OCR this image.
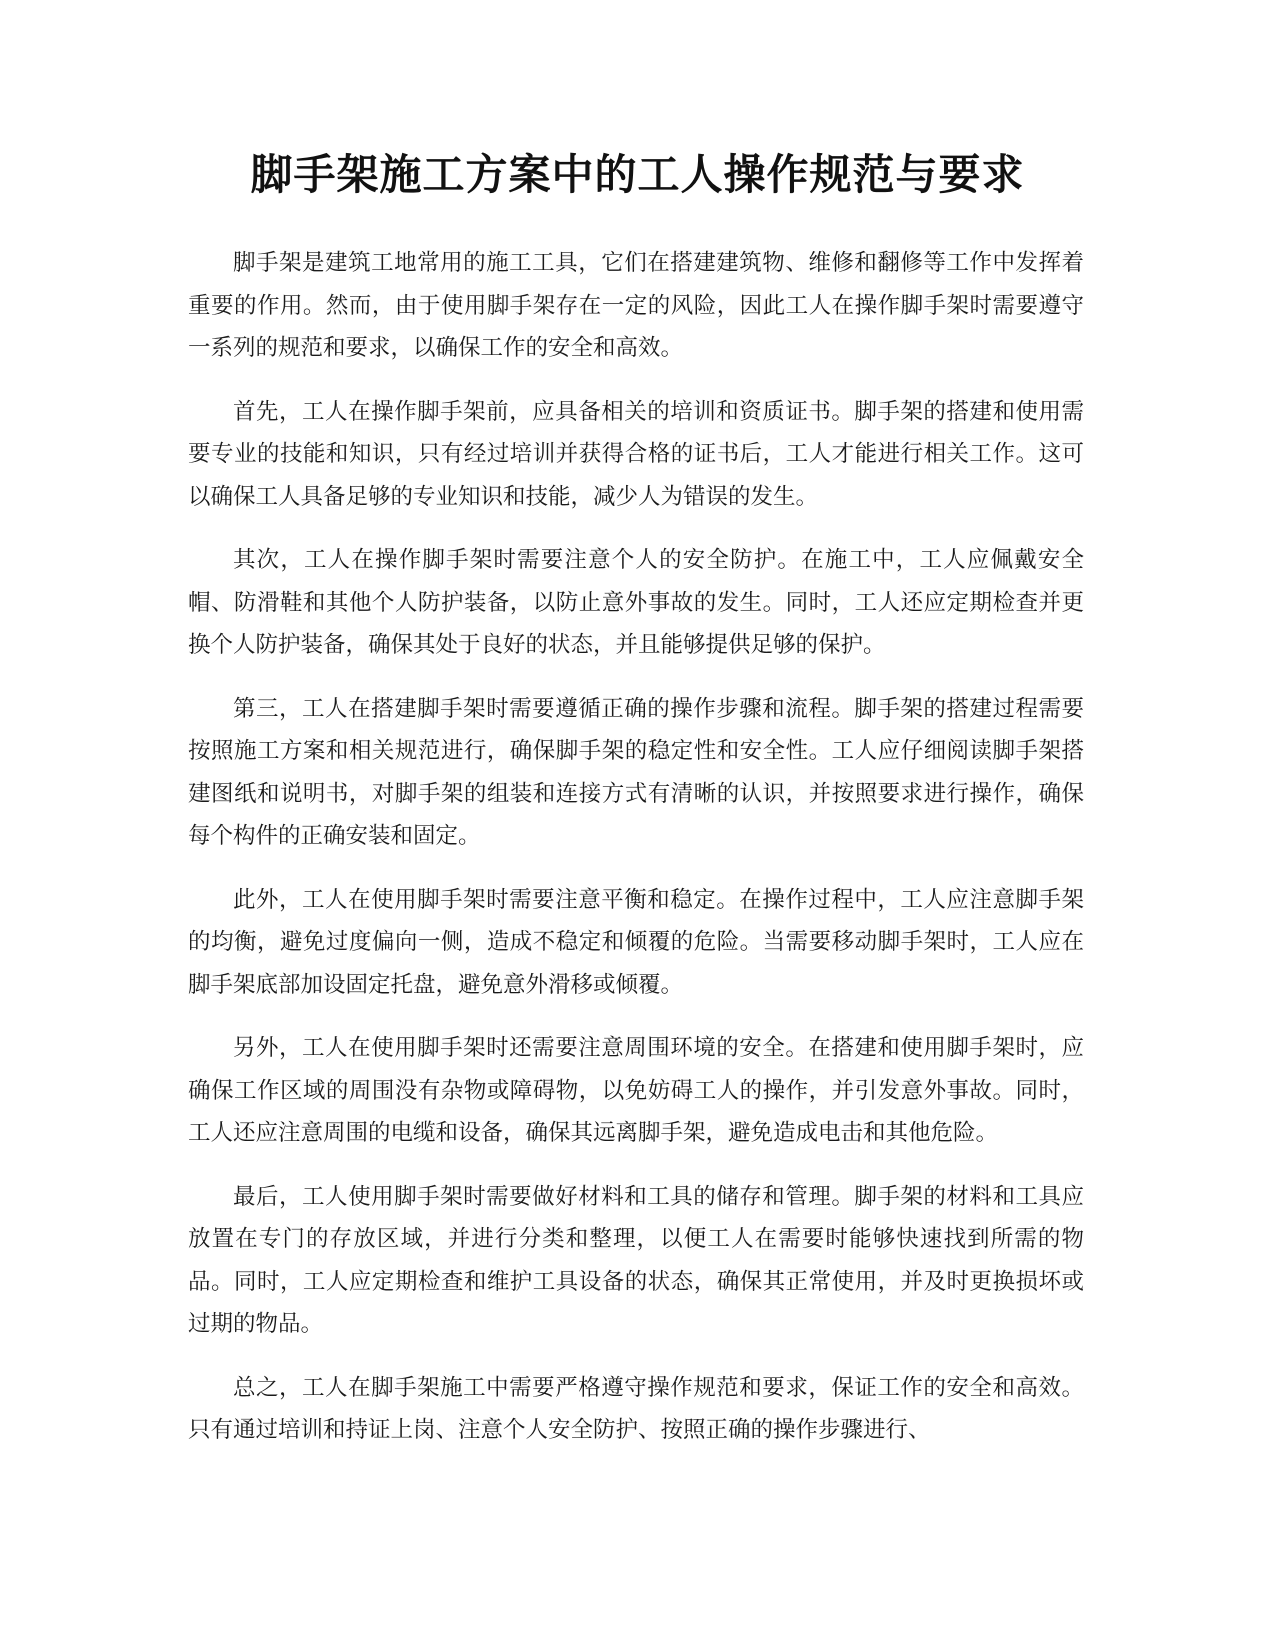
脚手架施工方案中的工人操作规范与要求

脚手架是建筑工地常用的施工工具，它们在搭建建筑物、维修和翻修等工作中发挥着重要的作用。然而，由于使用脚手架存在一定的风险，因此工人在操作脚手架时需要遵守一系列的规范和要求，以确保工作的安全和高效。

首先，工人在操作脚手架前，应具备相关的培训和资质证书。脚手架的搭建和使用需要专业的技能和知识，只有经过培训并获得合格的证书后，工人才能进行相关工作。这可以确保工人具备足够的专业知识和技能，减少人为错误的发生。

其次，工人在操作脚手架时需要注意个人的安全防护。在施工中，工人应佩戴安全帽、防滑鞋和其他个人防护装备，以防止意外事故的发生。同时，工人还应定期检查并更换个人防护装备，确保其处于良好的状态，并且能够提供足够的保护。

第三，工人在搭建脚手架时需要遵循正确的操作步骤和流程。脚手架的搭建过程需要按照施工方案和相关规范进行，确保脚手架的稳定性和安全性。工人应仔细阅读脚手架搭建图纸和说明书，对脚手架的组装和连接方式有清晰的认识，并按照要求进行操作，确保每个构件的正确安装和固定。

此外，工人在使用脚手架时需要注意平衡和稳定。在操作过程中，工人应注意脚手架的均衡，避免过度偏向一侧，造成不稳定和倾覆的危险。当需要移动脚手架时，工人应在脚手架底部加设固定托盘，避免意外滑移或倾覆。

另外，工人在使用脚手架时还需要注意周围环境的安全。在搭建和使用脚手架时，应确保工作区域的周围没有杂物或障碍物，以免妨碍工人的操作，并引发意外事故。同时，工人还应注意周围的电缆和设备，确保其远离脚手架，避免造成电击和其他危险。

最后，工人使用脚手架时需要做好材料和工具的储存和管理。脚手架的材料和工具应放置在专门的存放区域，并进行分类和整理，以便工人在需要时能够快速找到所需的物品。同时，工人应定期检查和维护工具设备的状态，确保其正常使用，并及时更换损坏或过期的物品。

总之，工人在脚手架施工中需要严格遵守操作规范和要求，保证工作的安全和高效。只有通过培训和持证上岗、注意个人安全防护、按照正确的操作步骤进行、
